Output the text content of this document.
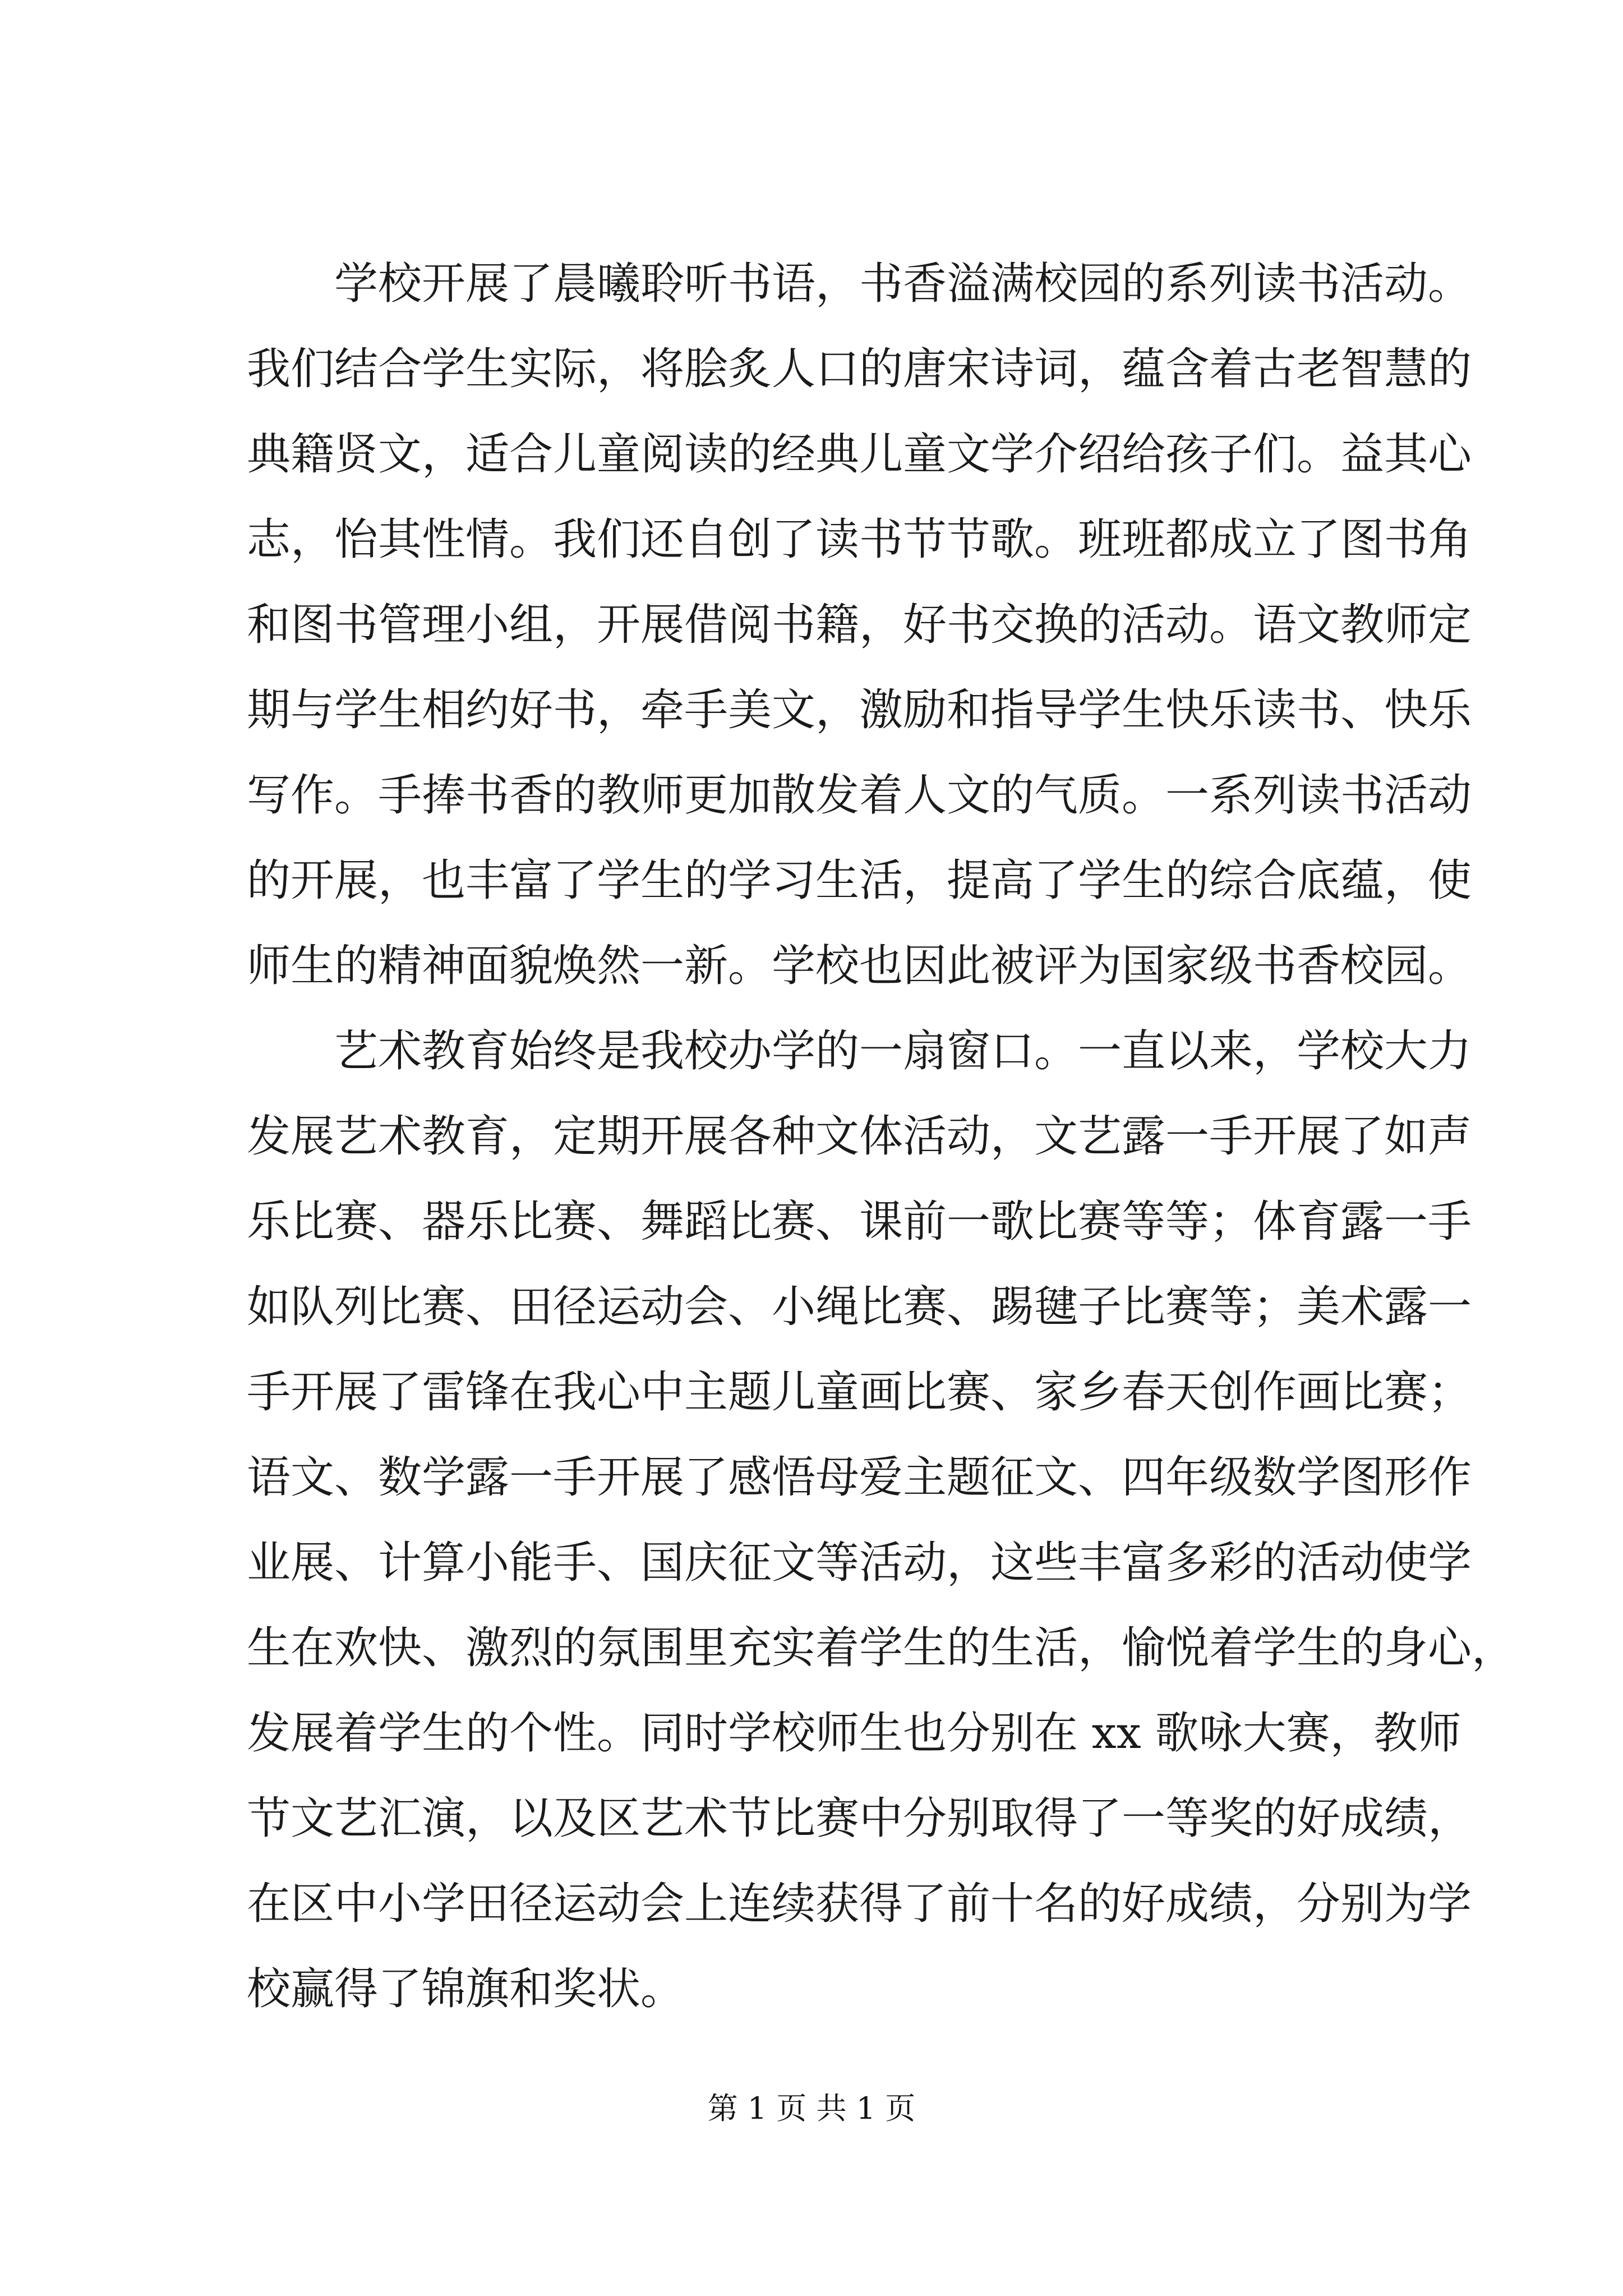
学校开展了晨曦聆听书语，书香溢满校园的系列读书活动。
我们结合学生实际，将脍炙人口的唐宋诗词，蕴含着古老智慧的
典籍贤文，适合儿童阅读的经典儿童文学介绍给孩子们。益其心
志，怡其性情。我们还自创了读书节节歌。班班都成立了图书角
和图书管理小组，开展借阅书籍，好书交换的活动。语文教师定
期与学生相约好书，牵手美文，激励和指导学生快乐读书、快乐
写作。手捧书香的教师更加散发着人文的气质。一系列读书活动
的开展，也丰富了学生的学习生活，提高了学生的综合底蕴，使
师生的精神面貌焕然一新。学校也因此被评为国家级书香校园。
艺术教育始终是我校办学的一扇窗口。一直以来，学校大力
发展艺术教育，定期开展各种文体活动，文艺露一手开展了如声
乐比赛、器乐比赛、舞蹈比赛、课前一歌比赛等等；体育露一手
如队列比赛、田径运动会、小绳比赛、踢毽子比赛等；美术露一
手开展了雷锋在我心中主题儿童画比赛、家乡春天创作画比赛；
语文、数学露一手开展了感悟母爱主题征文、四年级数学图形作
业展、计算小能手、国庆征文等活动，这些丰富多彩的活动使学
生在欢快、激烈的氛围里充实着学生的生活，愉悦着学生的身心，
发展着学生的个性。同时学校师生也分别在 xx 歌咏大赛，教师
节文艺汇演，以及区艺术节比赛中分别取得了一等奖的好成绩，
在区中小学田径运动会上连续获得了前十名的好成绩，分别为学
校赢得了锦旗和奖状。
第 1 页 共 1 页
